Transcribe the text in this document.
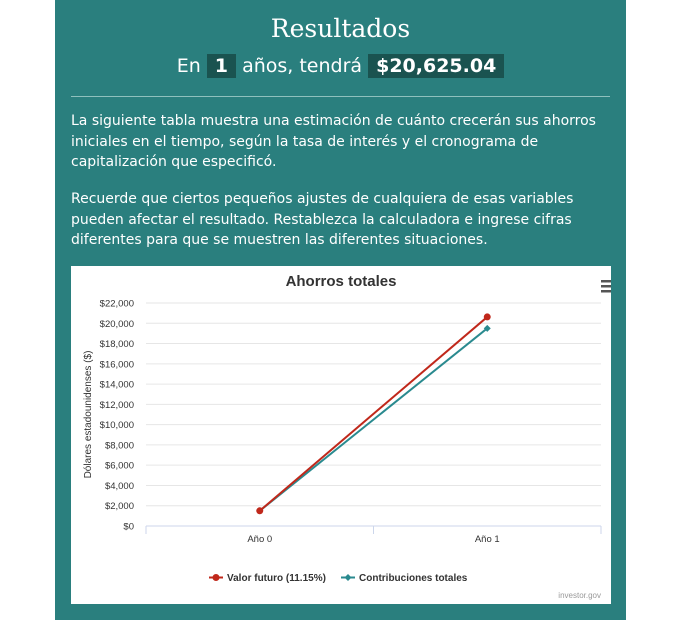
Resultados
En 1 años, tendrá $20,625.04

La siguiente tabla muestra una estimación de cuánto crecerán sus ahorros iniciales en el tiempo, según la tasa de interés y el cronograma de capitalización que especificó.

Recuerde que ciertos pequeños ajustes de cualquiera de esas variables pueden afectar el resultado. Restablezca la calculadora e ingrese cifras diferentes para que se muestren las diferentes situaciones.

Ahorros totales
$0
$2,000
$4,000
$6,000
$8,000
$10,000
$12,000
$14,000
$16,000
$18,000
$20,000
$22,000
Año 0	Año 1
Dólares estadounidenses ($)
Valor futuro (11.15%)	Contribuciones totales
investor.gov
